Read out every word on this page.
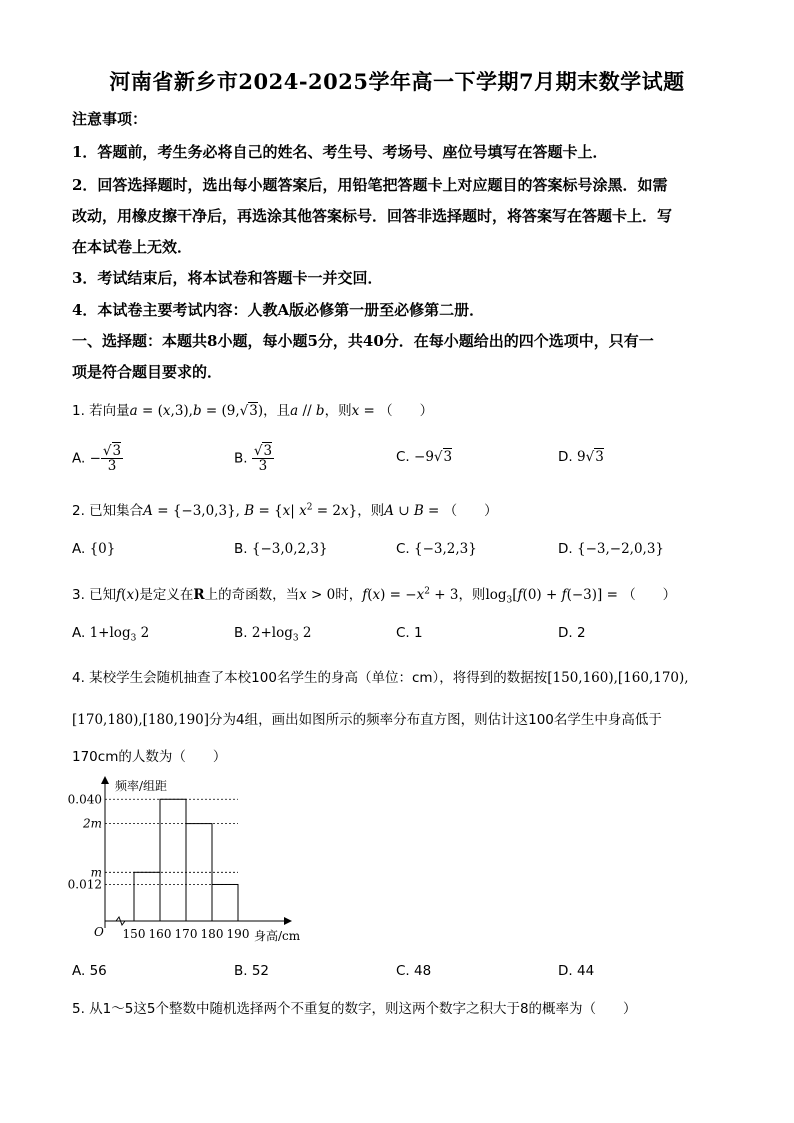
河南省新乡市2024-2025学年高一下学期7月期末数学试题
注意事项：
1．答题前，考生务必将自己的姓名、考生号、考场号、座位号填写在答题卡上．
2．回答选择题时，选出每小题答案后，用铅笔把答题卡上对应题目的答案标号涂黑．如需
改动，用橡皮擦干净后，再选涂其他答案标号．回答非选择题时，将答案写在答题卡上．写
在本试卷上无效．
3．考试结束后，将本试卷和答题卡一并交回．
4．本试卷主要考试内容：人教A版必修第一册至必修第二册．
一、选择题：本题共8小题，每小题5分，共40分．在每小题给出的四个选项中，只有一
项是符合题目要求的．
1. 若向量a = (x,3),b = (9,√3)，且a // b，则x = （　　）
A. − $\frac{√3}{3}$	B. $\frac{√3}{3}$	C. −9√3	D. 9√3
2. 已知集合A = {−3,0,3}, B = {x| $x^2 = 2x$}，则A ∪ B = （　　）
A. {0}	B. {−3,0,2,3}	C. {−3,2,3}	D. {−3,−2,0,3}
3. 已知f(x)是定义在R上的奇函数，当x > 0时，$f(x) = -x^2 + 3$，则$\log_3[f(0) + f(-3)]$ = （　　）
A. $1+\log_3$ 2	B. $2+\log_3$ 2	C. 1	D. 2
4. 某校学生会随机抽查了本校100名学生的身高（单位：cm），将得到的数据按[150,160),[160,170),
[170,180),[180,190]分为4组，画出如图所示的频率分布直方图，则估计这100名学生中身高低于
170cm的人数为（　　）
0.040
2m
m
0.012
150 160 170 180 190
频率/组距
身高/cm
O
A. 56	B. 52	C. 48	D. 44
5. 从1～5这5个整数中随机选择两个不重复的数字，则这两个数字之积大于8的概率为（　　）
